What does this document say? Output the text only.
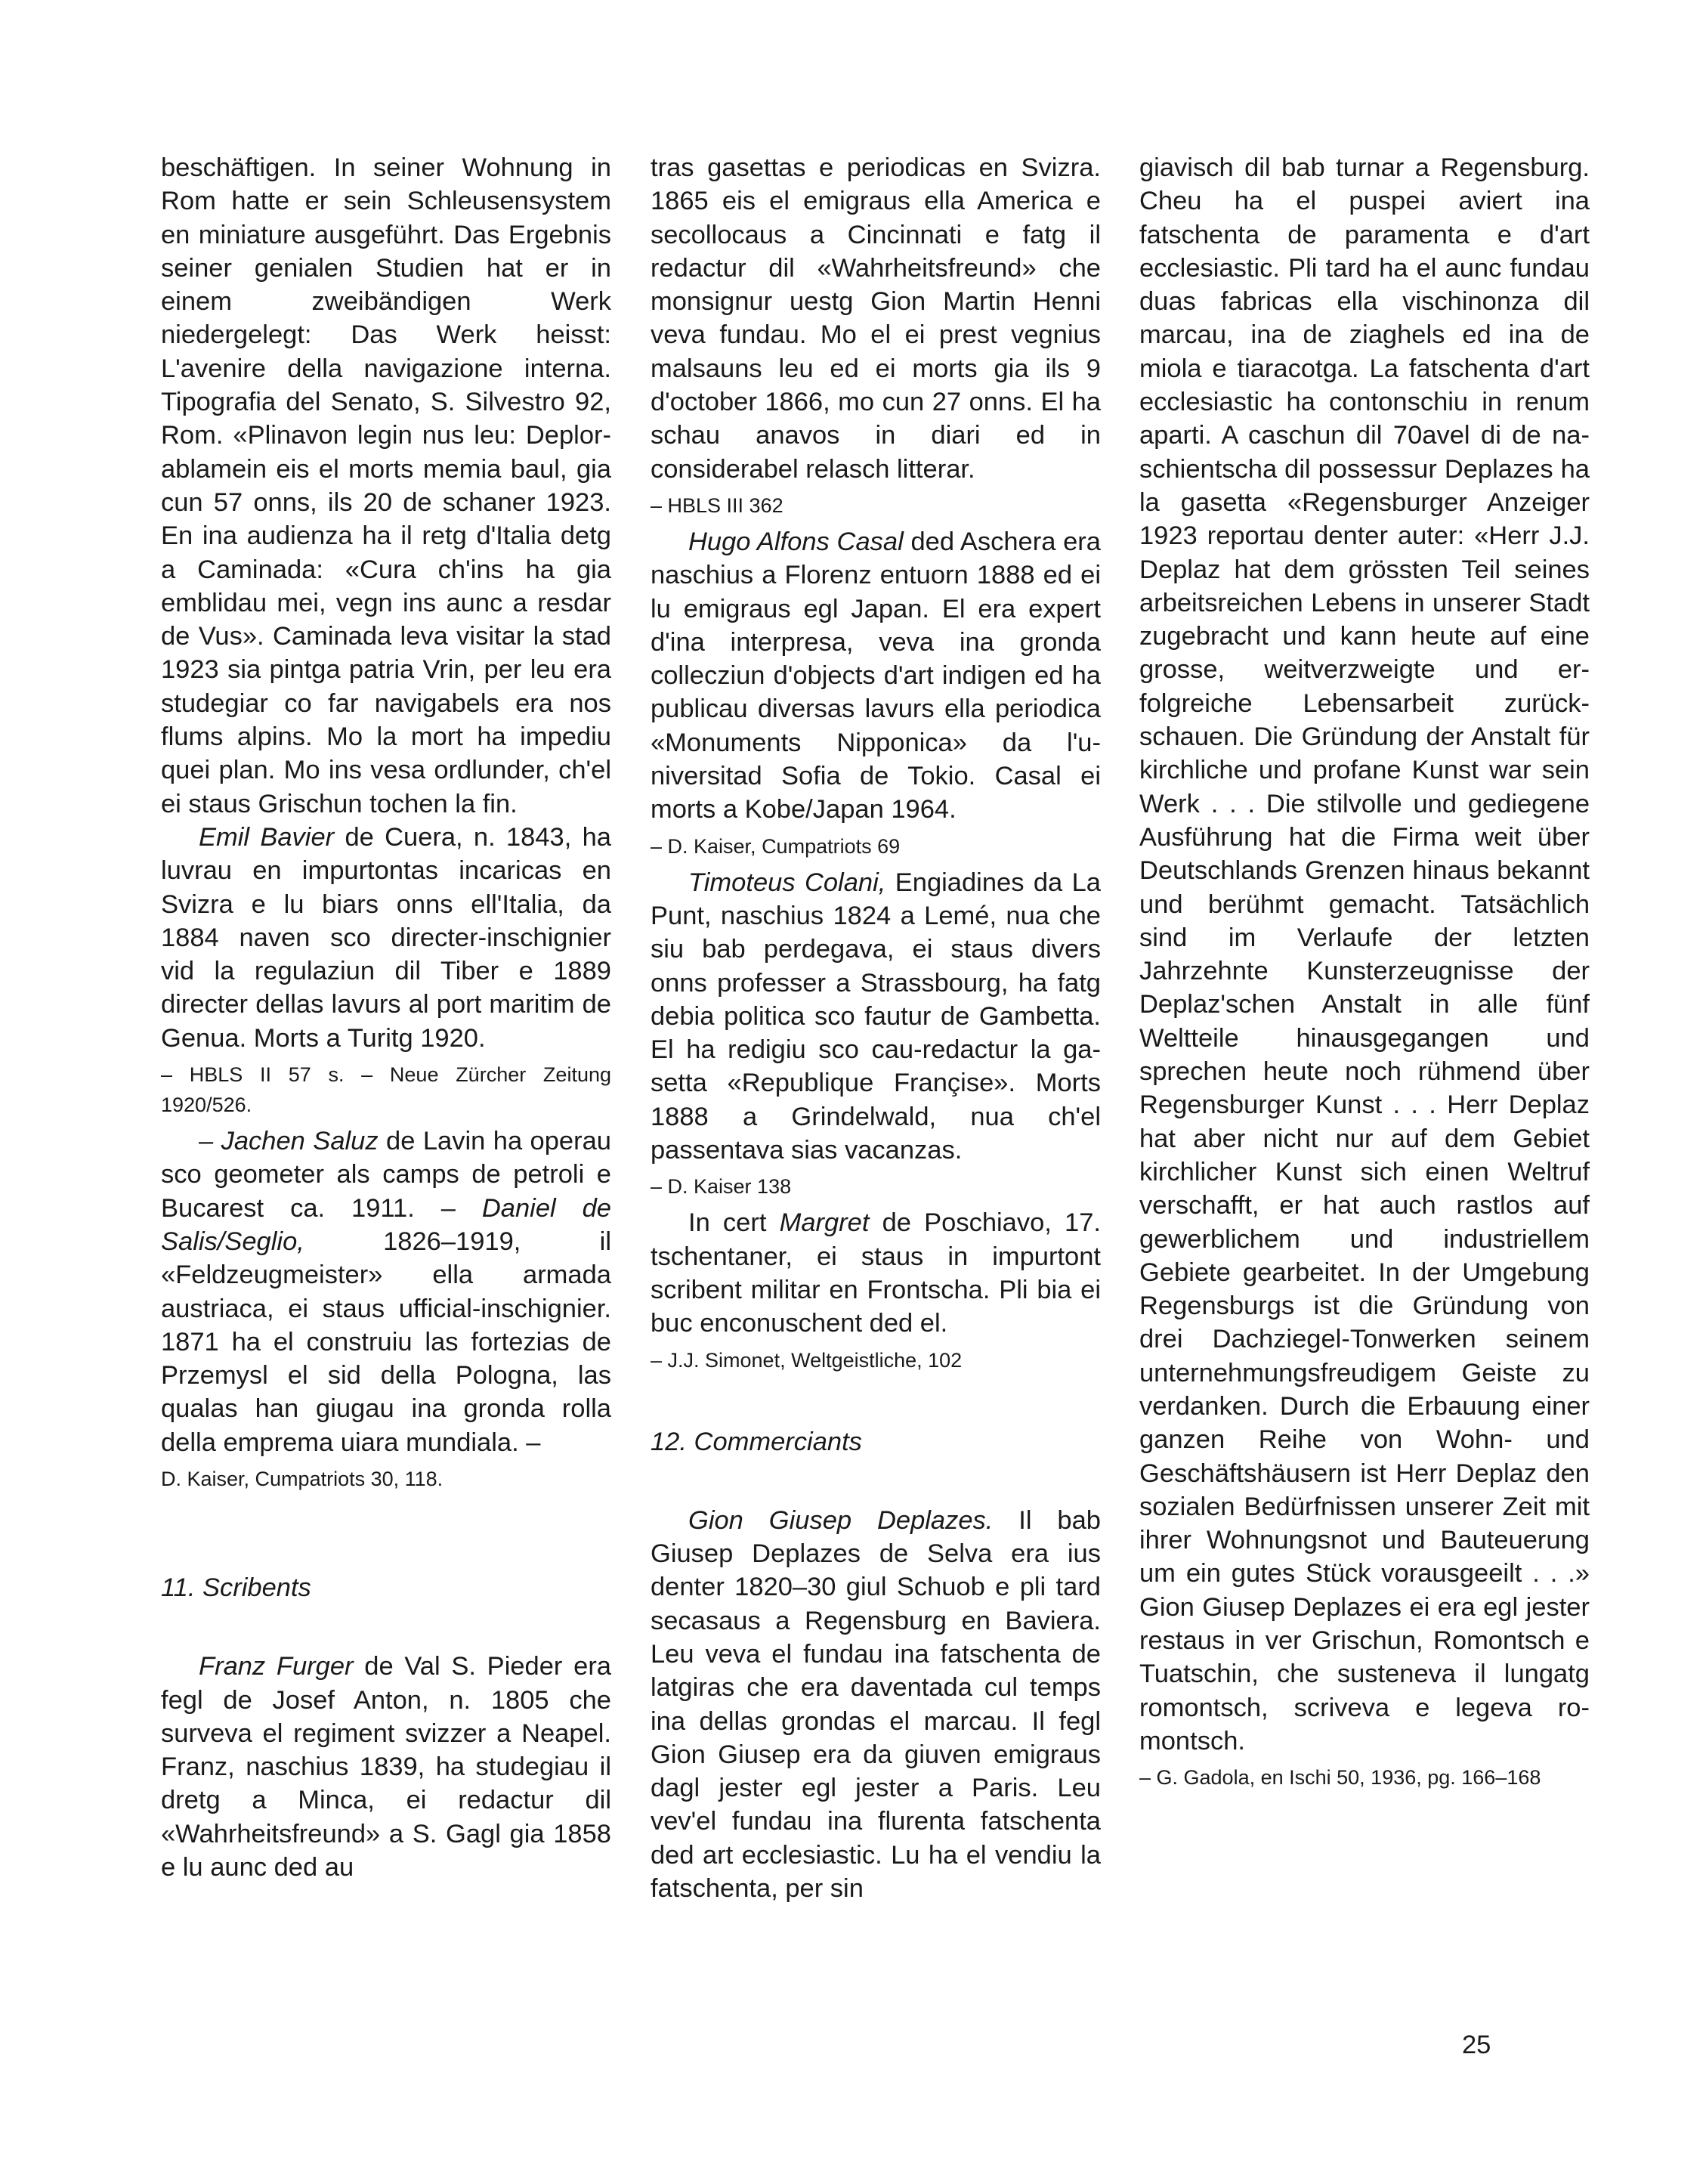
beschäftigen. In seiner Wohnung in Rom hatte er sein Schleusensystem en miniature ausgeführt. Das Ergebnis seiner genialen Studien hat er in einem zweibändigen Werk niedergelegt: Das Werk heisst: L'avenire della navigazione interna. Tipografia del Senato, S. Silvestro 92, Rom. «Plinavon legin nus leu: Deplorablamein eis el morts memia baul, gia cun 57 onns, ils 20 de schaner 1923. En ina audienza ha il retg d'Italia detg a Caminada: «Cura ch'ins ha gia emblidau mei, vegn ins aunc a resdar de Vus». Caminada leva visitar la stad 1923 sia pintga patria Vrin, per leu era studegiar co far navigabels era nos flums alpins. Mo la mort ha impediu quei plan. Mo ins vesa ordlunder, ch'el ei staus Grischun tochen la fin.

Emil Bavier de Cuera, n. 1843, ha luvrau en impurtontas incaricas en Svizra e lu biars onns ell'Italia, da 1884 naven sco directer-inschignier vid la regulaziun dil Tiber e 1889 directer dellas lavurs al port maritim de Genua. Morts a Turitg 1920.

– HBLS II 57 s. – Neue Zürcher Zeitung 1920/526.

– Jachen Saluz de Lavin ha operau sco geometer als camps de petroli e Bucarest ca. 1911. – Daniel de Salis/Seglio, 1826–1919, il «Feldzeugmeister» ella armada austriaca, ei staus ufficial-inschignier. 1871 ha el construiu las fortezias de Przemysl el sid della Pologna, las qualas han giugau ina gronda rolla della emprema uiara mundiala. –

D. Kaiser, Cumpatriots 30, 118.

11. Scribents

Franz Furger de Val S. Pieder era fegl de Josef Anton, n. 1805 che surveva el regiment svizzer a Neapel. Franz, naschius 1839, ha studegiau il dretg a Minca, ei redactur dil «Wahrheitsfreund» a S. Gagl gia 1858 e lu aunc ded au

tras gasettas e periodicas en Svizra. 1865 eis el emigraus ella America e secollocaus a Cincinnati e fatg il redactur dil «Wahrheitsfreund» che monsignur uestg Gion Martin Henni veva fundau. Mo el ei prest vegnius malsauns leu ed ei morts gia ils 9 d'october 1866, mo cun 27 onns. El ha schau anavos in diari ed in considerabel relasch litterar.

– HBLS III 362

Hugo Alfons Casal ded Aschera era naschius a Florenz entuorn 1888 ed ei lu emigraus egl Japan. El era expert d'ina interpresa, veva ina gronda collecziun d'objects d'art indigen ed ha publicau diversas lavurs ella periodica «Monuments Nipponica» da l'universitad Sofia de Tokio. Casal ei morts a Kobe/Japan 1964.

– D. Kaiser, Cumpatriots 69

Timoteus Colani, Engiadines da La Punt, naschius 1824 a Lemé, nua che siu bab perdegava, ei staus divers onns professer a Strassbourg, ha fatg debia politica sco fautur de Gambetta. El ha redigiu sco cau-redactur la gasetta «Republique Françise». Morts 1888 a Grindelwald, nua ch'el passentava sias vacanzas.

– D. Kaiser 138

In cert Margret de Poschiavo, 17. tschentaner, ei staus in impurtont scribent militar en Frontscha. Pli bia ei buc enconuschent ded el.

– J.J. Simonet, Weltgeistliche, 102

12. Commerciants

Gion Giusep Deplazes. Il bab Giusep Deplazes de Selva era ius denter 1820–30 giul Schuob e pli tard secasaus a Regensburg en Baviera. Leu veva el fundau ina fatschenta de latgiras che era daventada cul temps ina dellas grondas el marcau. Il fegl Gion Giusep era da giuven emigraus dagl jester egl jester a Paris. Leu vev'el fundau ina flurenta fatschenta ded art ecclesiastic. Lu ha el vendiu la fatschenta, per sin

giavisch dil bab turnar a Regensburg. Cheu ha el puspei aviert ina fatschenta de paramenta e d'art ecclesiastic. Pli tard ha el aunc fundau duas fabricas ella vischinonza dil marcau, ina de ziaghels ed ina de miola e tiaracotga. La fatschenta d'art ecclesiastic ha contonschiu in renum aparti. A caschun dil 70avel di de naschientscha dil possessur Deplazes ha la gasetta «Regensburger Anzeiger 1923 reportau denter auter: «Herr J.J. Deplaz hat dem grössten Teil seines arbeitsreichen Lebens in unserer Stadt zugebracht und kann heute auf eine grosse, weitverzweigte und erfolgreiche Lebensarbeit zurückschauen. Die Gründung der Anstalt für kirchliche und profane Kunst war sein Werk . . . Die stilvolle und gediegene Ausführung hat die Firma weit über Deutschlands Grenzen hinaus bekannt und berühmt gemacht. Tatsächlich sind im Verlaufe der letzten Jahrzehnte Kunsterzeugnisse der Deplaz'schen Anstalt in alle fünf Weltteile hinausgegangen und sprechen heute noch rühmend über Regensburger Kunst . . . Herr Deplaz hat aber nicht nur auf dem Gebiet kirchlicher Kunst sich einen Weltruf verschafft, er hat auch rastlos auf gewerblichem und industriellem Gebiete gearbeitet. In der Umgebung Regensburgs ist die Gründung von drei Dachziegel-Tonwerken seinem unternehmungsfreudigem Geiste zu verdanken. Durch die Erbauung einer ganzen Reihe von Wohn- und Geschäftshäusern ist Herr Deplaz den sozialen Bedürfnissen unserer Zeit mit ihrer Wohnungsnot und Bauteuerung um ein gutes Stück vorausgeeilt . . .» Gion Giusep Deplazes ei era egl jester restaus in ver Grischun, Romontsch e Tuatschin, che susteneva il lungatg romontsch, scriveva e legeva romontsch.

– G. Gadola, en Ischi 50, 1936, pg. 166–168

25
